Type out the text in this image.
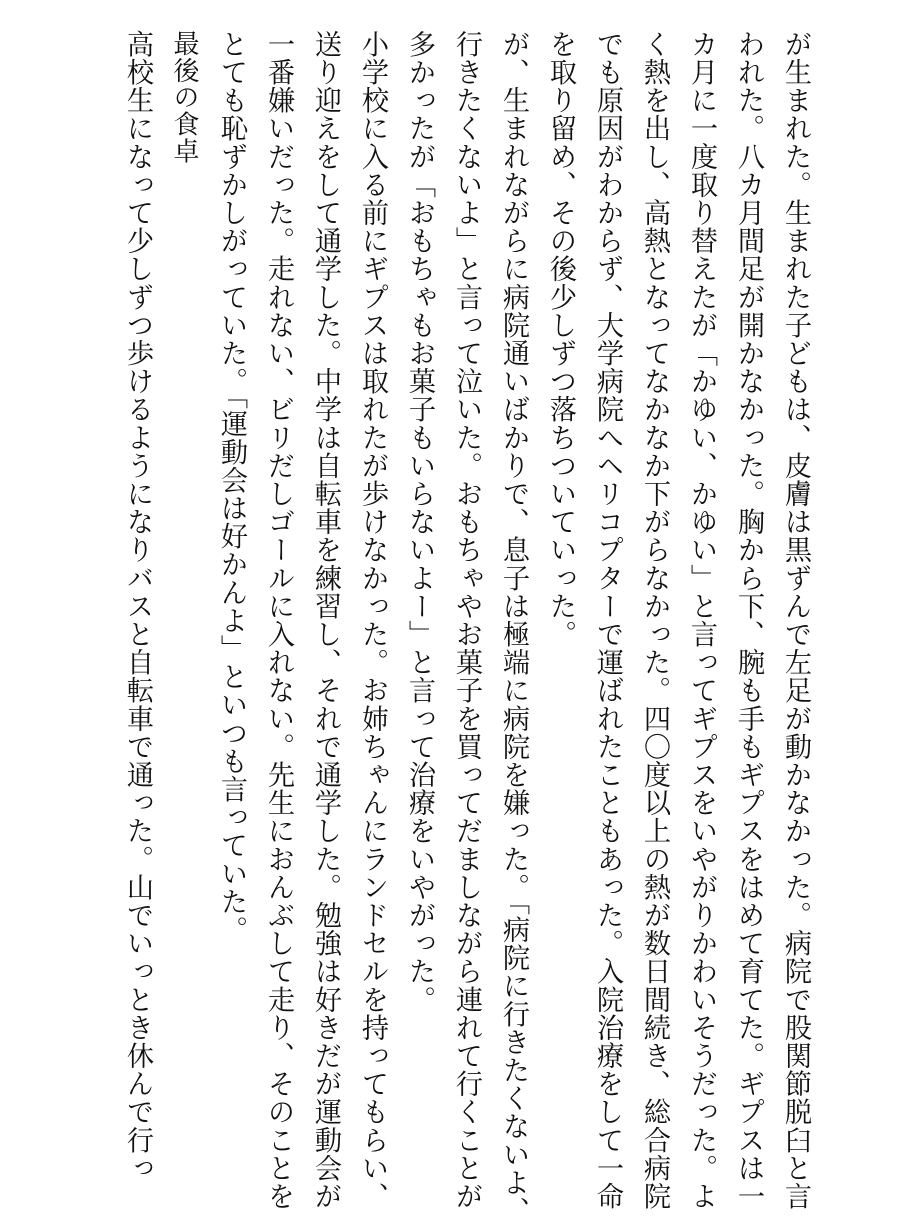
が生まれた。生まれた子どもは、皮膚は黒ずんで左足が動かなかった。病院で股関節脱臼と言
われた。八カ月間足が開かなかった。胸から下、腕も手もギプスをはめて育てた。ギプスは一
カ月に一度取り替えたが「かゆい、かゆい」と言ってギプスをいやがりかわいそうだった。よ
く熱を出し、高熱となってなかなか下がらなかった。四〇度以上の熱が数日間続き、総合病院
でも原因がわからず、大学病院へヘリコプターで運ばれたこともあった。入院治療をして一命
を取り留め、その後少しずつ落ちついていった。
が、生まれながらに病院通いばかりで、息子は極端に病院を嫌った。「病院に行きたくないよ、
行きたくないよ」と言って泣いた。おもちゃやお菓子を買ってだましながら連れて行くことが
多かったが「おもちゃもお菓子もいらないよー」と言って治療をいやがった。
小学校に入る前にギプスは取れたが歩けなかった。お姉ちゃんにランドセルを持ってもらい、
送り迎えをして通学した。中学は自転車を練習し、それで通学した。勉強は好きだが運動会が
一番嫌いだった。走れない、ビリだしゴールに入れない。先生におんぶして走り、そのことを
とても恥ずかしがっていた。「運動会は好かんよ」といつも言っていた。
最後の食卓
高校生になって少しずつ歩けるようになりバスと自転車で通った。山でいっとき休んで行っ
